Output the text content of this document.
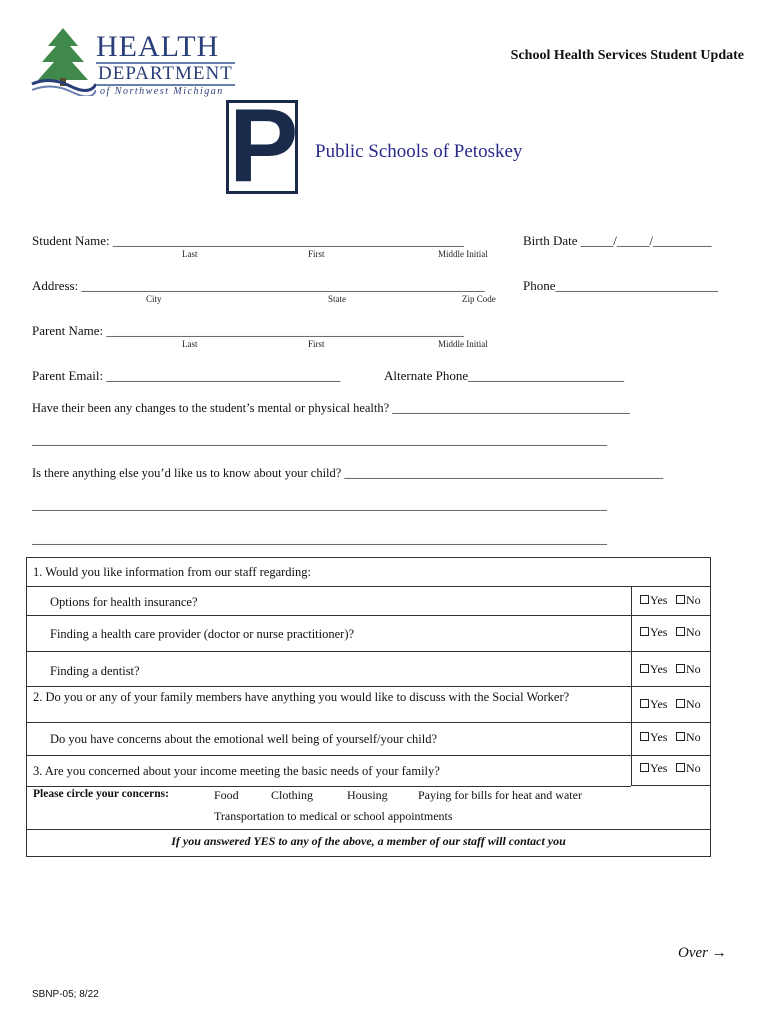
HEALTH
DEPARTMENT
of Northwest Michigan
School Health Services Student Update
P Public Schools of Petoskey
Student Name: ______________________________________________________
Last	First	Middle Initial
Birth Date _____/_____/_________
Address: ______________________________________________________________
City	State	Zip Code
Phone_________________________
Parent Name: _______________________________________________________
Last	First	Middle Initial
Parent Email: ____________________________________	Alternate Phone________________________
Have their been any changes to the student’s mental or physical health? ______________________________________
____________________________________________________________________________________________
Is there anything else you’d like us to know about your child? ___________________________________________________
____________________________________________________________________________________________
____________________________________________________________________________________________
1. Would you like information from our staff regarding:
Options for health insurance?	Yes	No
Finding a health care provider (doctor or nurse practitioner)?	Yes	No
Finding a dentist?	Yes	No
2. Do you or any of your family members have anything you would like to discuss with the Social Worker?	Yes	No
Do you have concerns about the emotional well being of yourself/your child?	Yes	No
3. Are you concerned about your income meeting the basic needs of your family?	Yes	No
Please circle your concerns:	Food	Clothing	Housing	Paying for bills for heat and water
Transportation to medical or school appointments
If you answered YES to any of the above, a member of our staff will contact you
Over →
SBNP-05; 8/22
